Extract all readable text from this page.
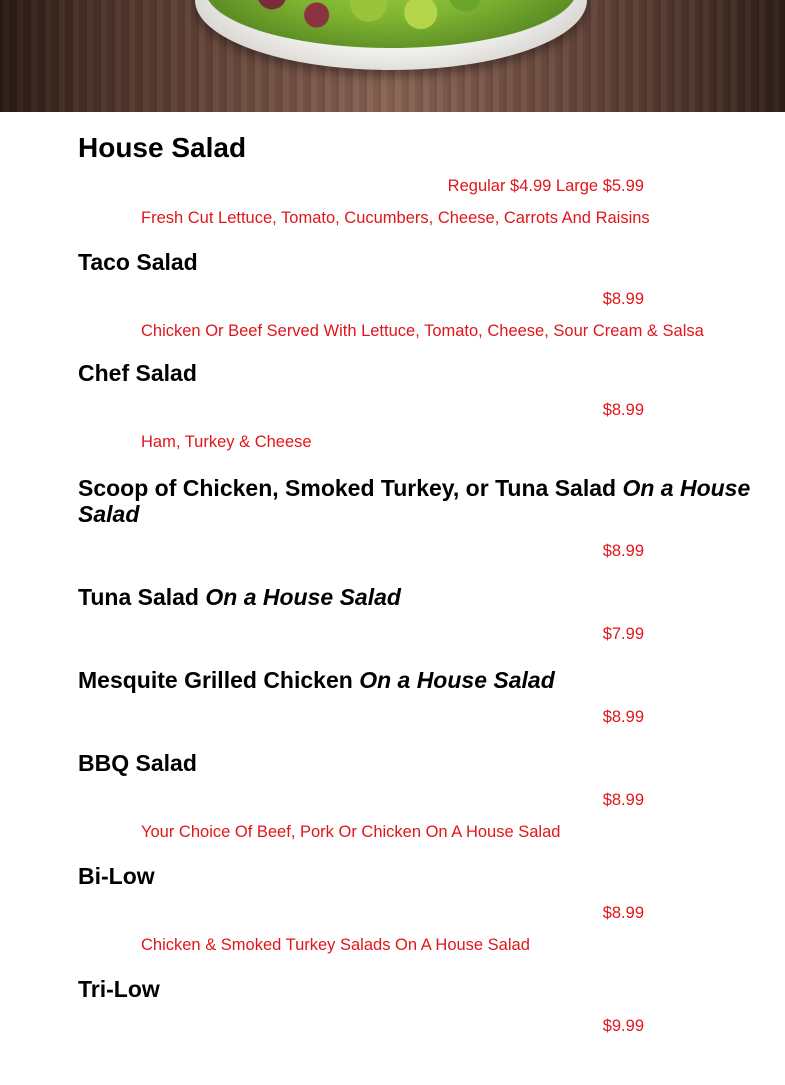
House Salad
Regular $4.99 Large $5.99
Fresh Cut Lettuce, Tomato, Cucumbers, Cheese, Carrots And Raisins
Taco Salad
$8.99
Chicken Or Beef Served With Lettuce, Tomato, Cheese, Sour Cream & Salsa
Chef Salad
$8.99
Ham, Turkey & Cheese
Scoop of Chicken, Smoked Turkey, or Tuna Salad On a House Salad
$8.99
Tuna Salad On a House Salad
$7.99
Mesquite Grilled Chicken On a House Salad
$8.99
BBQ Salad
$8.99
Your Choice Of Beef, Pork Or Chicken On A House Salad
Bi-Low
$8.99
Chicken & Smoked Turkey Salads On A House Salad
Tri-Low
$9.99
